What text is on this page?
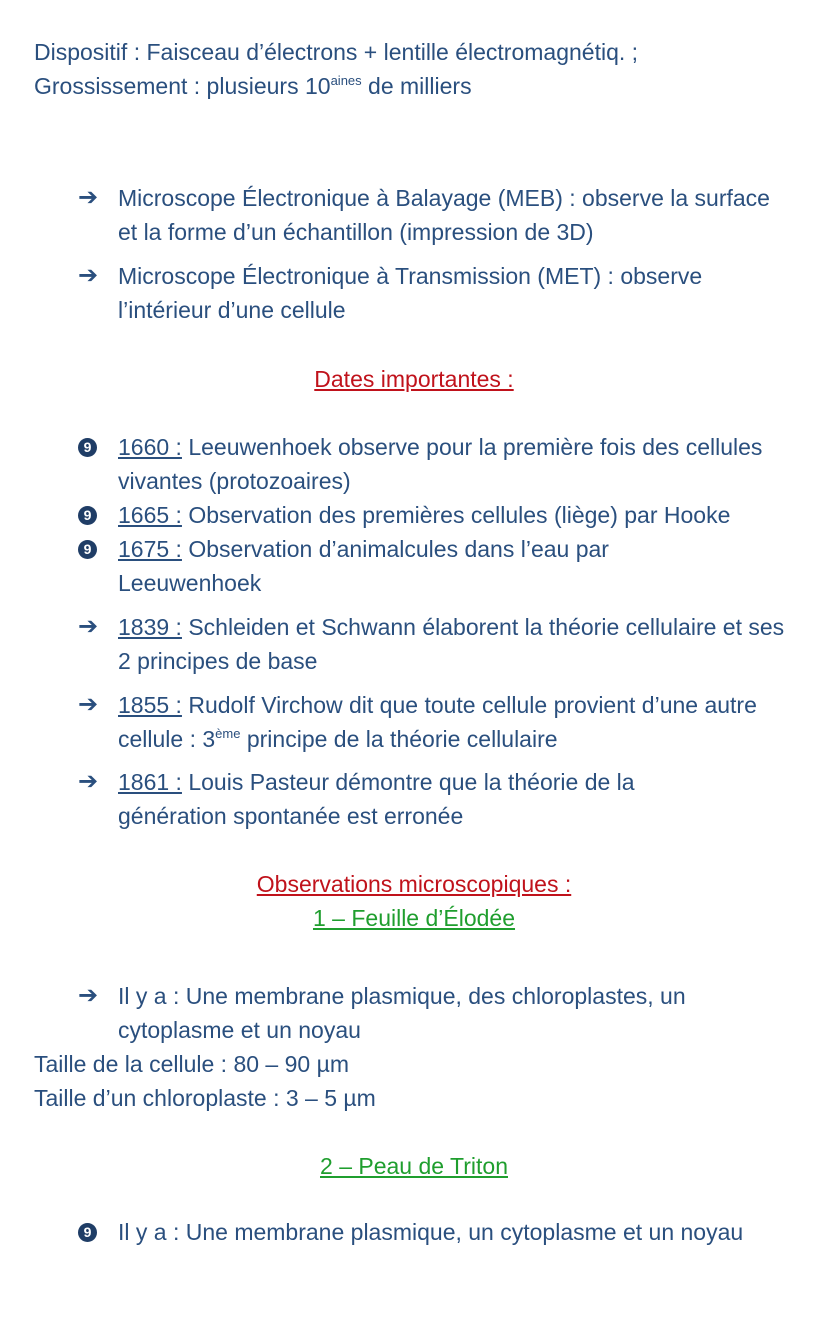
Dispositif : Faisceau d’électrons + lentille électromagnétiq. ;
Grossissement : plusieurs $10^{aines}$ de milliers
➔ Microscope Électronique à Balayage (MEB) : observe la surface et la forme d’un échantillon (impression de 3D)
➔ Microscope Électronique à Transmission (MET) : observe l’intérieur d’une cellule
Dates importantes :
9 1660 : Leeuwenhoek observe pour la première fois des cellules vivantes (protozoaires)
9 1665 : Observation des premières cellules (liège) par Hooke
9 1675 : Observation d’animalcules dans l’eau par Leeuwenhoek
➔ 1839 : Schleiden et Schwann élaborent la théorie cellulaire et ses 2 principes de base
➔ 1855 : Rudolf Virchow dit que toute cellule provient d’une autre cellule : 3ème principe de la théorie cellulaire
➔ 1861 : Louis Pasteur démontre que la théorie de la génération spontanée est erronée
Observations microscopiques :
1 – Feuille d’Élodée
➔ Il y a : Une membrane plasmique, des chloroplastes, un cytoplasme et un noyau
Taille de la cellule : 80 – 90 µm
Taille d’un chloroplaste : 3 – 5 µm
2 – Peau de Triton
9 Il y a : Une membrane plasmique, un cytoplasme et un noyau
